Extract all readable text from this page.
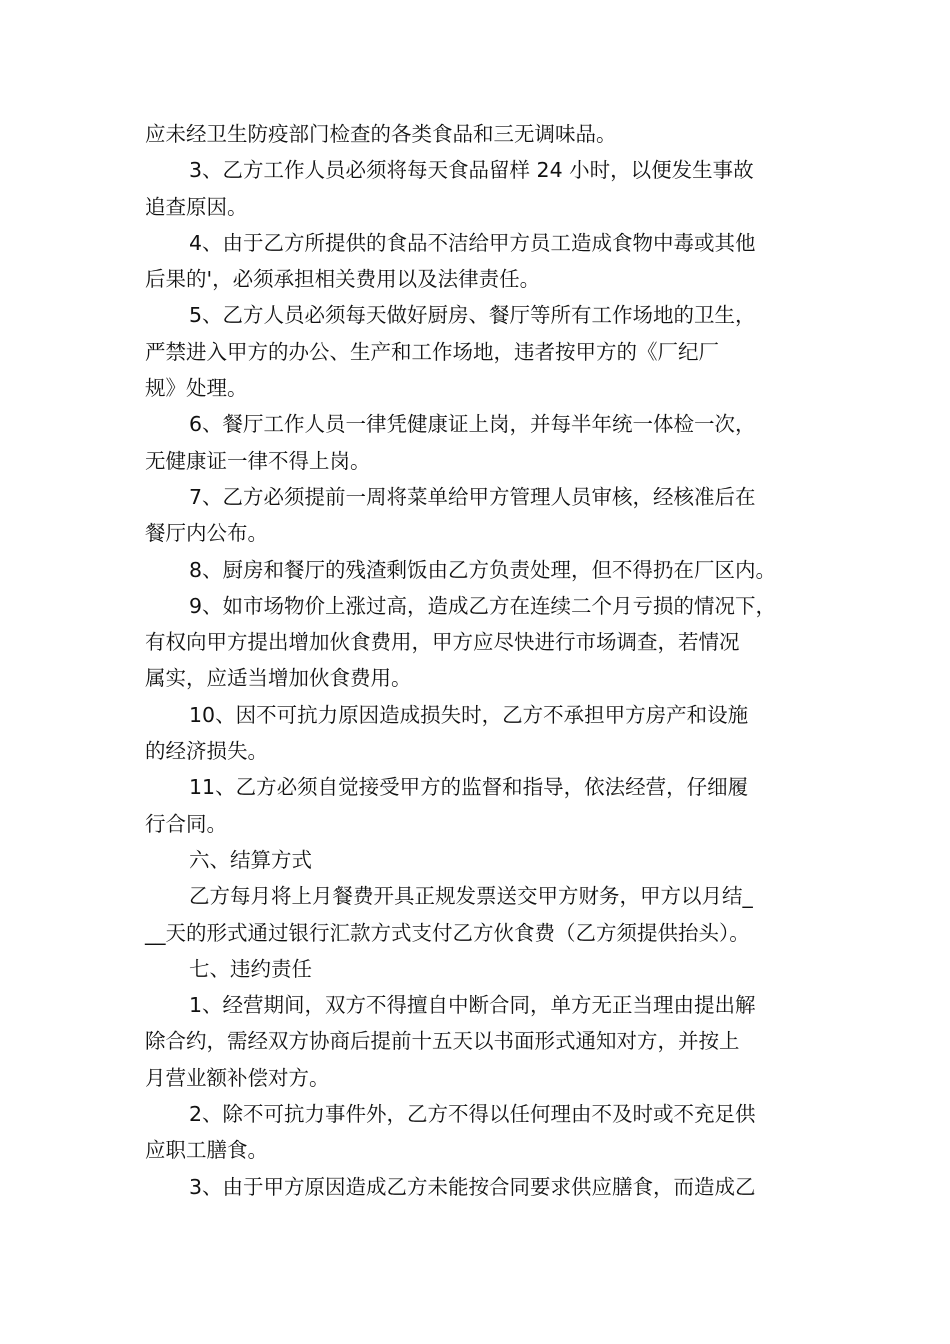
应未经卫生防疫部门检查的各类食品和三无调味品。
3、乙方工作人员必须将每天食品留样 24 小时，以便发生事故
追查原因。
4、由于乙方所提供的食品不洁给甲方员工造成食物中毒或其他
后果的'，必须承担相关费用以及法律责任。
5、乙方人员必须每天做好厨房、餐厅等所有工作场地的卫生，
严禁进入甲方的办公、生产和工作场地，违者按甲方的《厂纪厂
规》处理。
6、餐厅工作人员一律凭健康证上岗，并每半年统一体检一次，
无健康证一律不得上岗。
7、乙方必须提前一周将菜单给甲方管理人员审核，经核准后在
餐厅内公布。
8、厨房和餐厅的残渣剩饭由乙方负责处理，但不得扔在厂区内。
9、如市场物价上涨过高，造成乙方在连续二个月亏损的情况下，
有权向甲方提出增加伙食费用，甲方应尽快进行市场调查，若情况
属实，应适当增加伙食费用。
10、因不可抗力原因造成损失时，乙方不承担甲方房产和设施
的经济损失。
11、乙方必须自觉接受甲方的监督和指导，依法经营，仔细履
行合同。
六、结算方式
乙方每月将上月餐费开具正规发票送交甲方财务，甲方以月结_
__天的形式通过银行汇款方式支付乙方伙食费（乙方须提供抬头）。
七、违约责任
1、经营期间，双方不得擅自中断合同，单方无正当理由提出解
除合约，需经双方协商后提前十五天以书面形式通知对方，并按上
月营业额补偿对方。
2、除不可抗力事件外，乙方不得以任何理由不及时或不充足供
应职工膳食。
3、由于甲方原因造成乙方未能按合同要求供应膳食，而造成乙
